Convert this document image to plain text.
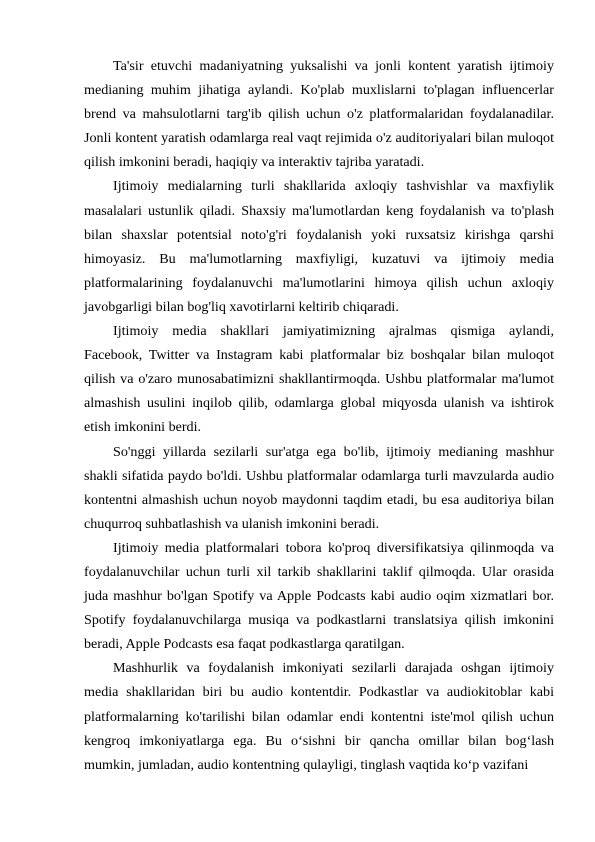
Ta'sir etuvchi madaniyatning yuksalishi va jonli kontent yaratish ijtimoiy medianing muhim jihatiga aylandi. Ko'plab muxlislarni to'plagan influencerlar brend va mahsulotlarni targ'ib qilish uchun o'z platformalaridan foydalanadilar. Jonli kontent yaratish odamlarga real vaqt rejimida o'z auditoriyalari bilan muloqot qilish imkonini beradi, haqiqiy va interaktiv tajriba yaratadi.

Ijtimoiy medialarning turli shakllarida axloqiy tashvishlar va maxfiylik masalalari ustunlik qiladi. Shaxsiy ma'lumotlardan keng foydalanish va to'plash bilan shaxslar potentsial noto'g'ri foydalanish yoki ruxsatsiz kirishga qarshi himoyasiz. Bu ma'lumotlarning maxfiyligi, kuzatuvi va ijtimoiy media platformalarining foydalanuvchi ma'lumotlarini himoya qilish uchun axloqiy javobgarligi bilan bog'liq xavotirlarni keltirib chiqaradi.

Ijtimoiy media shakllari jamiyatimizning ajralmas qismiga aylandi, Facebook, Twitter va Instagram kabi platformalar biz boshqalar bilan muloqot qilish va o'zaro munosabatimizni shakllantirmoqda. Ushbu platformalar ma'lumot almashish usulini inqilob qilib, odamlarga global miqyosda ulanish va ishtirok etish imkonini berdi.

So'nggi yillarda sezilarli sur'atga ega bo'lib, ijtimoiy medianing mashhur shakli sifatida paydo bo'ldi. Ushbu platformalar odamlarga turli mavzularda audio kontentni almashish uchun noyob maydonni taqdim etadi, bu esa auditoriya bilan chuqurroq suhbatlashish va ulanish imkonini beradi.

Ijtimoiy media platformalari tobora ko'proq diversifikatsiya qilinmoqda va foydalanuvchilar uchun turli xil tarkib shakllarini taklif qilmoqda. Ular orasida juda mashhur bo'lgan Spotify va Apple Podcasts kabi audio oqim xizmatlari bor. Spotify foydalanuvchilarga musiqa va podkastlarni translatsiya qilish imkonini beradi, Apple Podcasts esa faqat podkastlarga qaratilgan.

Mashhurlik va foydalanish imkoniyati sezilarli darajada oshgan ijtimoiy media shakllaridan biri bu audio kontentdir. Podkastlar va audiokitoblar kabi platformalarning ko'tarilishi bilan odamlar endi kontentni iste'mol qilish uchun kengroq imkoniyatlarga ega. Bu o‘sishni bir qancha omillar bilan bog‘lash mumkin, jumladan, audio kontentning qulayligi, tinglash vaqtida ko‘p vazifani
